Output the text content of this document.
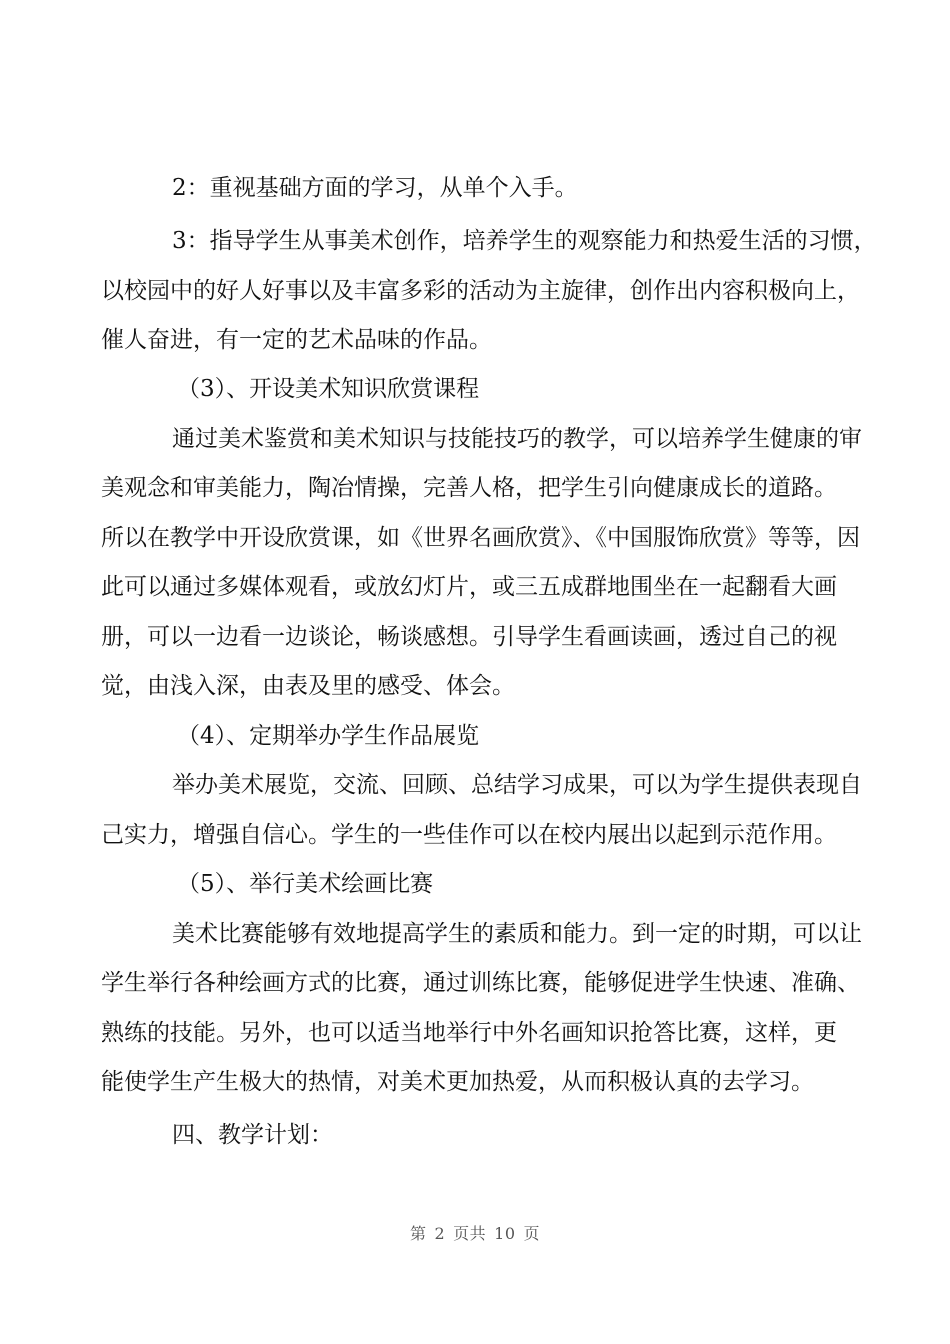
2：重视基础方面的学习，从单个入手。
3：指导学生从事美术创作，培养学生的观察能力和热爱生活的习惯，
以校园中的好人好事以及丰富多彩的活动为主旋律，创作出内容积极向上，
催人奋进，有一定的艺术品味的作品。
（3）、开设美术知识欣赏课程
通过美术鉴赏和美术知识与技能技巧的教学，可以培养学生健康的审
美观念和审美能力，陶冶情操，完善人格，把学生引向健康成长的道路。
所以在教学中开设欣赏课，如《世界名画欣赏》、《中国服饰欣赏》等等，因
此可以通过多媒体观看，或放幻灯片，或三五成群地围坐在一起翻看大画
册，可以一边看一边谈论，畅谈感想。引导学生看画读画，透过自己的视
觉，由浅入深，由表及里的感受、体会。
（4）、定期举办学生作品展览
举办美术展览，交流、回顾、总结学习成果，可以为学生提供表现自
己实力，增强自信心。学生的一些佳作可以在校内展出以起到示范作用。
（5）、举行美术绘画比赛
美术比赛能够有效地提高学生的素质和能力。到一定的时期，可以让
学生举行各种绘画方式的比赛，通过训练比赛，能够促进学生快速、准确、
熟练的技能。另外，也可以适当地举行中外名画知识抢答比赛，这样，更
能使学生产生极大的热情，对美术更加热爱，从而积极认真的去学习。
四、教学计划：
第 2 页共 10 页
